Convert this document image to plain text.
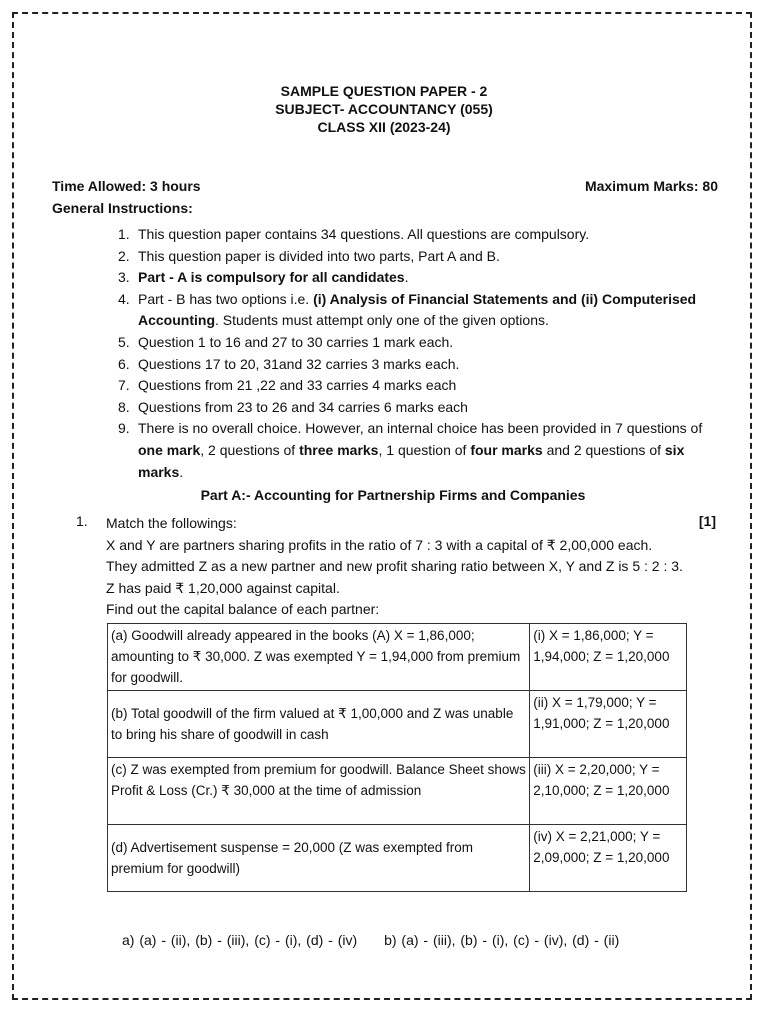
SAMPLE QUESTION PAPER - 2
SUBJECT- ACCOUNTANCY (055)
CLASS XII (2023-24)
Time Allowed: 3 hours	Maximum Marks: 80
General Instructions:
1. This question paper contains 34 questions. All questions are compulsory.
2. This question paper is divided into two parts, Part A and B.
3. Part - A is compulsory for all candidates.
4. Part - B has two options i.e. (i) Analysis of Financial Statements and (ii) Computerised Accounting. Students must attempt only one of the given options.
5. Question 1 to 16 and 27 to 30 carries 1 mark each.
6. Questions 17 to 20, 31and 32 carries 3 marks each.
7. Questions from 21 ,22 and 33 carries 4 marks each
8. Questions from 23 to 26 and 34 carries 6 marks each
9. There is no overall choice. However, an internal choice has been provided in 7 questions of one mark, 2 questions of three marks, 1 question of four marks and 2 questions of six marks.
Part A:- Accounting for Partnership Firms and Companies
1.	[1]
Match the followings:
X and Y are partners sharing profits in the ratio of 7 : 3 with a capital of ₹ 2,00,000 each. They admitted Z as a new partner and new profit sharing ratio between X, Y and Z is 5 : 2 : 3. Z has paid ₹ 1,20,000 against capital.
Find out the capital balance of each partner:
(a) Goodwill already appeared in the books (A) X = 1,86,000; amounting to ₹ 30,000. Z was exempted Y = 1,94,000 from premium for goodwill.	(i) X = 1,86,000; Y = 1,94,000; Z = 1,20,000

(b) Total goodwill of the firm valued at ₹ 1,00,000 and Z was unable to bring his share of goodwill in cash	(ii) X = 1,79,000; Y = 1,91,000; Z = 1,20,000
(c) Z was exempted from premium for goodwill. Balance Sheet shows Profit & Loss (Cr.) ₹ 30,000 at the time of admission	(iii) X = 2,20,000; Y = 2,10,000; Z = 1,20,000

(d) Advertisement suspense = 20,000 (Z was exempted from premium for goodwill)	(iv) X = 2,21,000; Y = 2,09,000; Z = 1,20,000
a) (a) - (ii), (b) - (iii), (c) - (i), (d) - (iv) b) (a) - (iii), (b) - (i), (c) - (iv), (d) - (ii)
